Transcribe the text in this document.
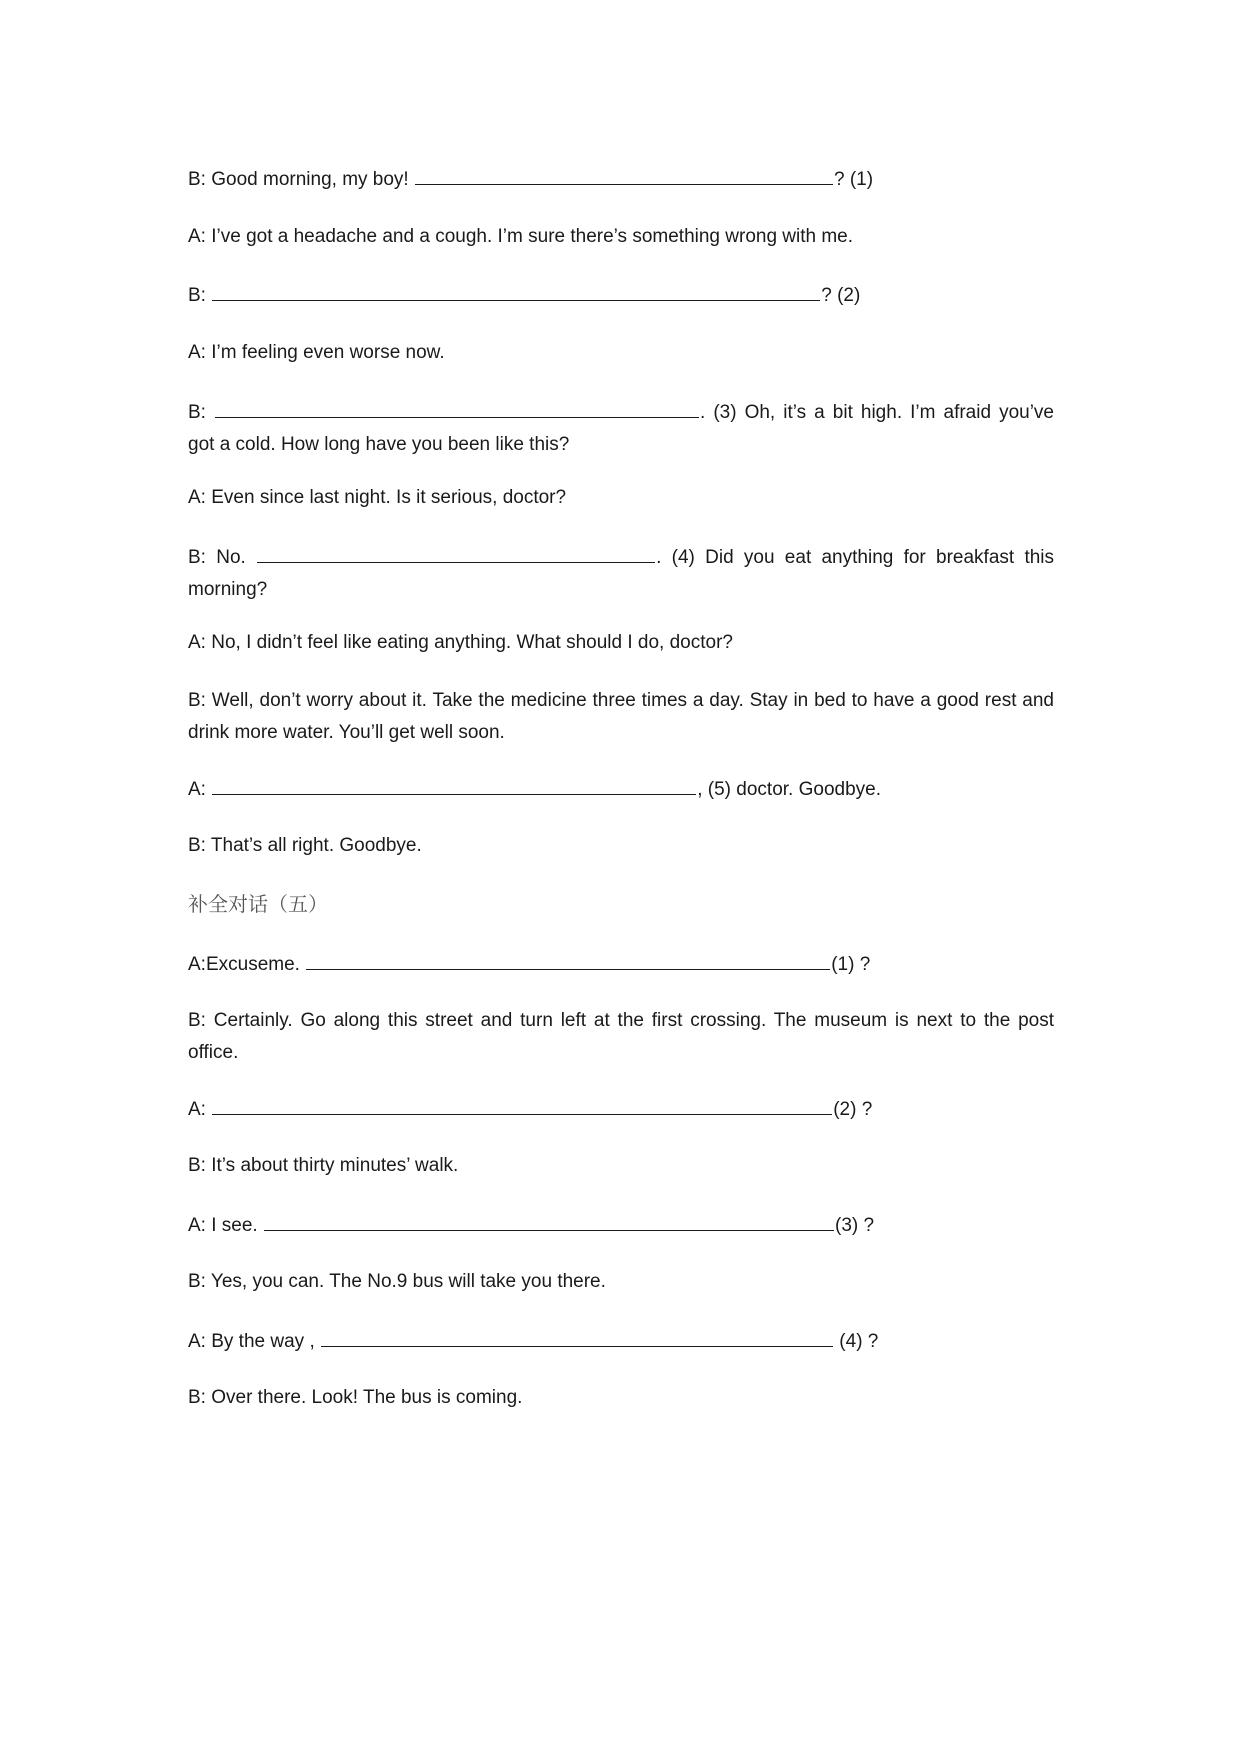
B: Good morning, my boy!	? (1)
A: I’ve got a headache and a cough. I’m sure there’s something wrong with me.
B:	? (2)
A: I’m feeling even worse now.
B:	. (3) Oh, it’s a bit high. I’m afraid you’ve got a cold. How long have you been like this?
A: Even since last night. Is it serious, doctor?
B: No.	. (4) Did you eat anything for breakfast this morning?
A: No, I didn’t feel like eating anything. What should I do, doctor?
B: Well, don’t worry about it. Take the medicine three times a day. Stay in bed to have a good rest and drink more water. You’ll get well soon.
A:	, (5) doctor. Goodbye.
B: That’s all right. Goodbye.
补全对话（五）
A:Excuseme.	(1) ?
B: Certainly. Go along this street and turn left at the first crossing. The museum is next to the post office.
A:	(2) ?
B: It’s about thirty minutes’ walk.
A: I see.	(3) ?
B: Yes, you can. The No.9 bus will take you there.
A: By the way ,	(4) ?
B: Over there. Look! The bus is coming.
